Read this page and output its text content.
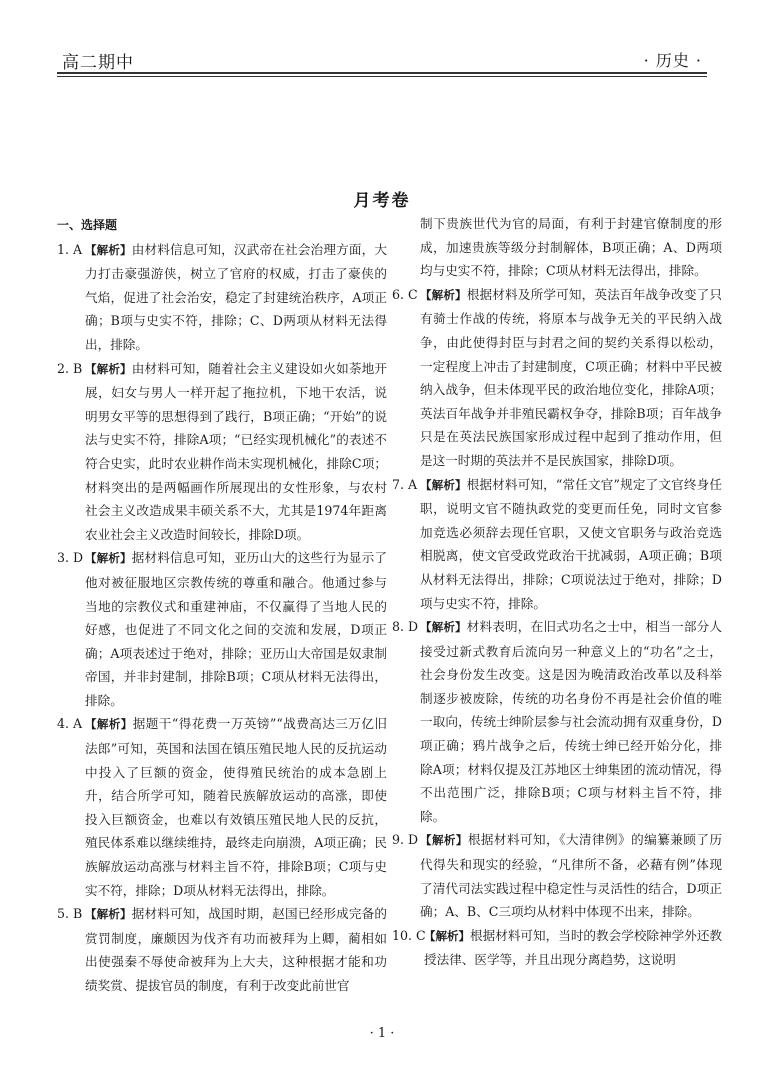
高二期中	· 历史 ·
月考卷
一、选择题
1. A 【解析】由材料信息可知，汉武帝在社会治理方面，大力打击豪强游侠，树立了官府的权威，打击了豪侠的气焰，促进了社会治安，稳定了封建统治秩序，A项正确；B项与史实不符，排除；C、D两项从材料无法得出，排除。
2. B 【解析】由材料可知，随着社会主义建设如火如荼地开展，妇女与男人一样开起了拖拉机，下地干农活，说明男女平等的思想得到了践行，B项正确；“开始”的说法与史实不符，排除A项；“已经实现机械化”的表述不符合史实，此时农业耕作尚未实现机械化，排除C项；材料突出的是两幅画作所展现出的女性形象，与农村社会主义改造成果丰硕关系不大，尤其是1974年距离农业社会主义改造时间较长，排除D项。
3. D 【解析】据材料信息可知，亚历山大的这些行为显示了他对被征服地区宗教传统的尊重和融合。他通过参与当地的宗教仪式和重建神庙，不仅赢得了当地人民的好感，也促进了不同文化之间的交流和发展，D项正确；A项表述过于绝对，排除；亚历山大帝国是奴隶制帝国，并非封建制，排除B项；C项从材料无法得出，排除。
4. A 【解析】据题干“得花费一万英镑”“战费高达三万亿旧法郎”可知，英国和法国在镇压殖民地人民的反抗运动中投入了巨额的资金，使得殖民统治的成本急剧上升，结合所学可知，随着民族解放运动的高涨，即使投入巨额资金，也难以有效镇压殖民地人民的反抗，殖民体系难以继续维持，最终走向崩溃，A项正确；民族解放运动高涨与材料主旨不符，排除B项；C项与史实不符，排除；D项从材料无法得出，排除。
5. B 【解析】据材料可知，战国时期，赵国已经形成完备的赏罚制度，廉颇因为伐齐有功而被拜为上卿，蔺相如出使强秦不辱使命被拜为上大夫，这种根据才能和功绩奖赏、提拔官员的制度，有利于改变此前世官
制下贵族世代为官的局面，有利于封建官僚制度的形成，加速贵族等级分封制解体，B项正确；A、D两项均与史实不符，排除；C项从材料无法得出，排除。
6. C 【解析】根据材料及所学可知，英法百年战争改变了只有骑士作战的传统，将原本与战争无关的平民纳入战争，由此使得封臣与封君之间的契约关系得以松动，一定程度上冲击了封建制度，C项正确；材料中平民被纳入战争，但未体现平民的政治地位变化，排除A项；英法百年战争并非殖民霸权争夺，排除B项；百年战争只是在英法民族国家形成过程中起到了推动作用，但是这一时期的英法并不是民族国家，排除D项。
7. A 【解析】根据材料可知，“常任文官”规定了文官终身任职，说明文官不随执政党的变更而任免，同时文官参加竞选必须辞去现任官职，又使文官职务与政治竞选相脱离，使文官受政党政治干扰减弱，A项正确；B项从材料无法得出，排除；C项说法过于绝对，排除；D项与史实不符，排除。
8. D 【解析】材料表明，在旧式功名之士中，相当一部分人接受过新式教育后流向另一种意义上的“功名”之士，社会身份发生改变。这是因为晚清政治改革以及科举制逐步被废除，传统的功名身份不再是社会价值的唯一取向，传统士绅阶层参与社会流动拥有双重身份，D项正确；鸦片战争之后，传统士绅已经开始分化，排除A项；材料仅提及江苏地区士绅集团的流动情况，得不出范围广泛，排除B项；C项与材料主旨不符，排除。
9. D 【解析】根据材料可知，《大清律例》的编纂兼顾了历代得失和现实的经验，“凡律所不备，必藉有例”体现了清代司法实践过程中稳定性与灵活性的结合，D项正确；A、B、C三项均从材料中体现不出来，排除。
10. C
【解析】根据材料可知，当时的教会学校除神学外还教授法律、医学等，并且出现分离趋势，这说明
· 1 ·
